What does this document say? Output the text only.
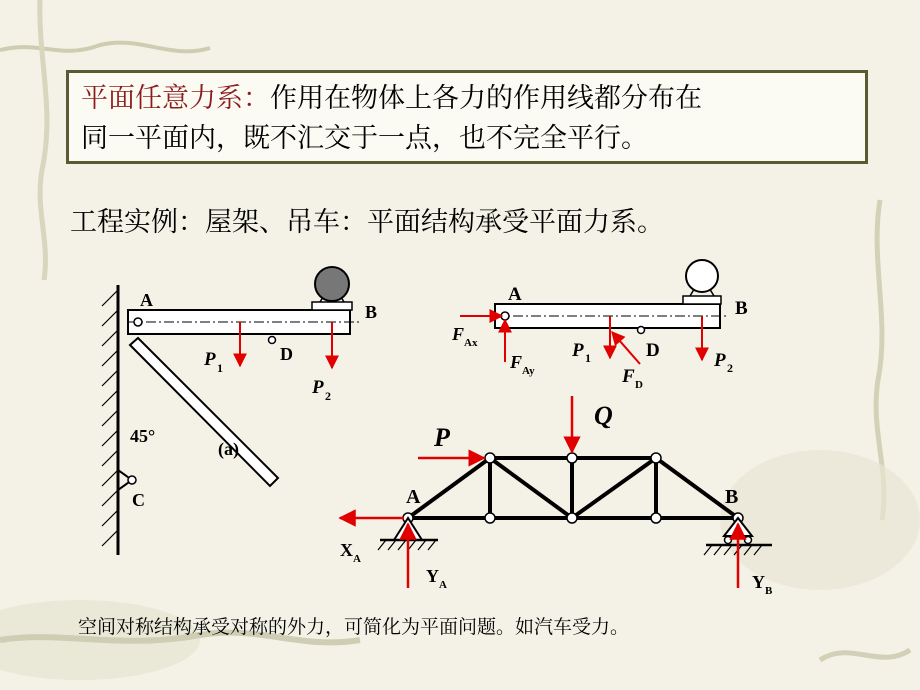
平面任意力系：作用在物体上各力的作用线都分布在
同一平面内，既不汇交于一点，也不完全平行。
工程实例：屋架、吊车：平面结构承受平面力系。
A
B
C
D
P 1
P 2
45°
(a)
A
B
D
F Ax
F Ay
P 1
F D
P 2
P
Q
A	B
X A
Y A	Y B
空间对称结构承受对称的外力，可简化为平面问题。如汽车受力。
